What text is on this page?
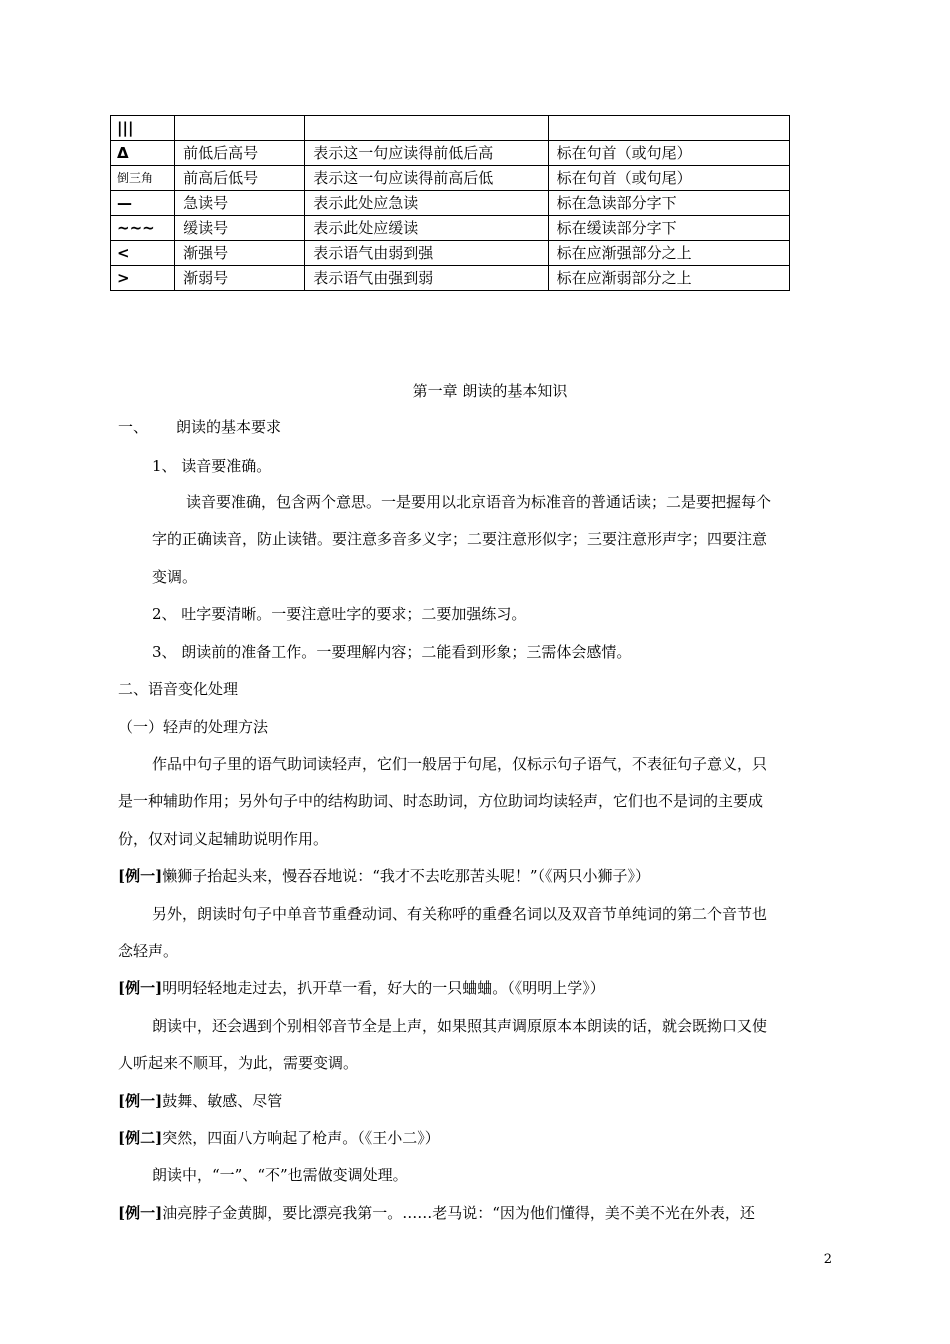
|||			
Δ	前低后高号	表示这一句应读得前低后高	标在句首（或句尾）
倒三角	前高后低号	表示这一句应读得前高后低	标在句首（或句尾）
—	急读号	表示此处应急读	标在急读部分字下
~~~	缓读号	表示此处应缓读	标在缓读部分字下
<	渐强号	表示语气由弱到强	标在应渐强部分之上
>	渐弱号	表示语气由强到弱	标在应渐弱部分之上
第一章 朗读的基本知识
一、 朗读的基本要求
1、 读音要准确。
读音要准确，包含两个意思。一是要用以北京语音为标准音的普通话读；二是要把握每个
字的正确读音，防止读错。要注意多音多义字；二要注意形似字；三要注意形声字；四要注意
变调。
2、 吐字要清晰。一要注意吐字的要求；二要加强练习。
3、 朗读前的准备工作。一要理解内容；二能看到形象；三需体会感情。
二、语音变化处理
（一）轻声的处理方法
作品中句子里的语气助词读轻声，它们一般居于句尾，仅标示句子语气，不表征句子意义，只
是一种辅助作用；另外句子中的结构助词、时态助词，方位助词均读轻声，它们也不是词的主要成
份，仅对词义起辅助说明作用。
[例一]懒狮子抬起头来，慢吞吞地说：“我才不去吃那苦头呢！”（《两只小狮子》）
另外，朗读时句子中单音节重叠动词、有关称呼的重叠名词以及双音节单纯词的第二个音节也
念轻声。
[例一]明明轻轻地走过去，扒开草一看，好大的一只蛐蛐。（《明明上学》）
朗读中，还会遇到个别相邻音节全是上声，如果照其声调原原本本朗读的话，就会既拗口又使
人听起来不顺耳，为此，需要变调。
[例一]鼓舞、敏感、尽管
[例二]突然，四面八方响起了枪声。（《王小二》）
朗读中，“一”、“不”也需做变调处理。
[例一]油亮脖子金黄脚，要比漂亮我第一。……老马说：“因为他们懂得，美不美不光在外表，还
2
